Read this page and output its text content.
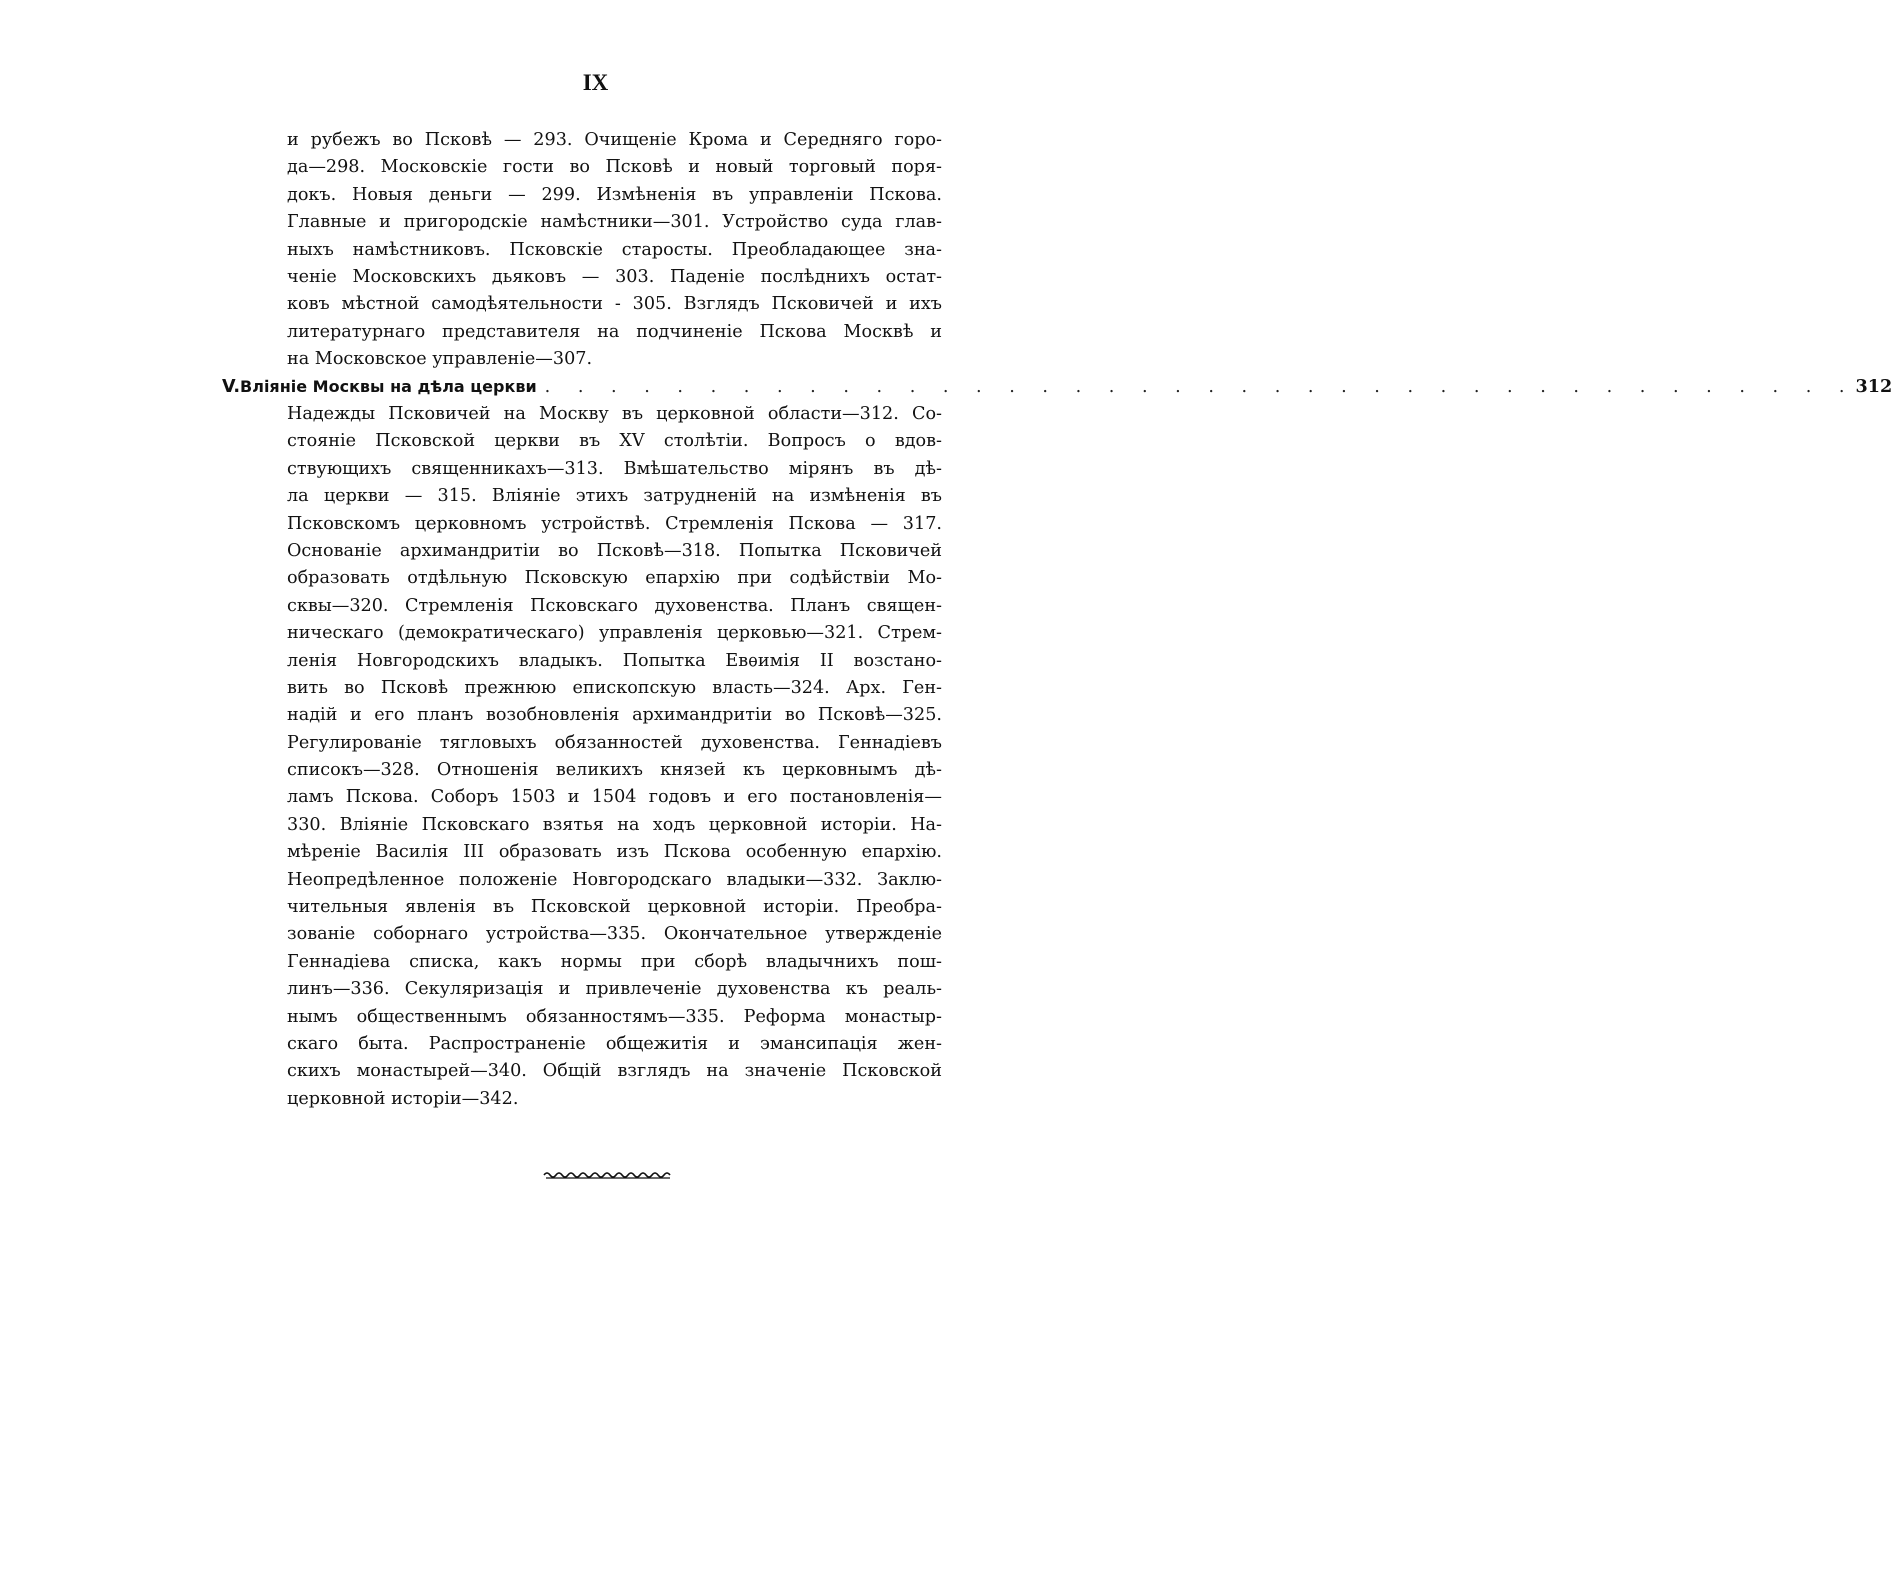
IX
и рубежъ во Псковѣ — 293. Очищеніе Крома и Середняго горо-
да—298. Московскіе гости во Псковѣ и новый торговый поря-
докъ. Новыя деньги — 299. Измѣненія въ управленіи Пскова.
Главные и пригородскіе намѣстники—301. Устройство суда глав-
ныхъ намѣстниковъ. Псковскіе старосты. Преобладающее зна-
ченіе Московскихъ дьяковъ — 303. Паденіе послѣднихъ остат-
ковъ мѣстной самодѣятельности - 305. Взглядъ Псковичей и ихъ
литературнаго представителя на подчиненіе Пскова Москвѣ и
на Московское управленіе—307.
V. Вліяніе Москвы на дѣла церкви . . . . . . . . . . . . . . . . . . . . . . . . . . . . . . . . . . . . . . . . 312
Надежды Псковичей на Москву въ церковной области—312. Со-
стояніе Псковской церкви въ XV столѣтіи. Вопросъ о вдов-
ствующихъ священникахъ—313. Вмѣшательство мірянъ въ дѣ-
ла церкви — 315. Вліяніе этихъ затрудненій на измѣненія въ
Псковскомъ церковномъ устройствѣ. Стремленія Пскова — 317.
Основаніе архимандритіи во Псковѣ—318. Попытка Псковичей
образовать отдѣльную Псковскую епархію при содѣйствіи Мо-
сквы—320. Стремленія Псковскаго духовенства. Планъ священ-
ническаго (демократическаго) управленія церковью—321. Стрем-
ленія Новгородскихъ владыкъ. Попытка Евѳимія II возстано-
вить во Псковѣ прежнюю епископскую власть—324. Арх. Ген-
надій и его планъ возобновленія архимандритіи во Псковѣ—325.
Регулированіе тягловыхъ обязанностей духовенства. Геннадіевъ
списокъ—328. Отношенія великихъ князей къ церковнымъ дѣ-
ламъ Пскова. Соборъ 1503 и 1504 годовъ и его постановленія—
330. Вліяніе Псковскаго взятья на ходъ церковной исторіи. На-
мѣреніе Василія III образовать изъ Пскова особенную епархію.
Неопредѣленное положеніе Новгородскаго владыки—332. Заклю-
чительныя явленія въ Псковской церковной исторіи. Преобра-
зованіе соборнаго устройства—335. Окончательное утвержденіе
Геннадіева списка, какъ нормы при сборѣ владычнихъ пош-
линъ—336. Секуляризація и привлеченіе духовенства къ реаль-
нымъ общественнымъ обязанностямъ—335. Реформа монастыр-
скаго быта. Распространеніе общежитія и эмансипація жен-
скихъ монастырей—340. Общій взглядъ на значеніе Псковской
церковной исторіи—342.
